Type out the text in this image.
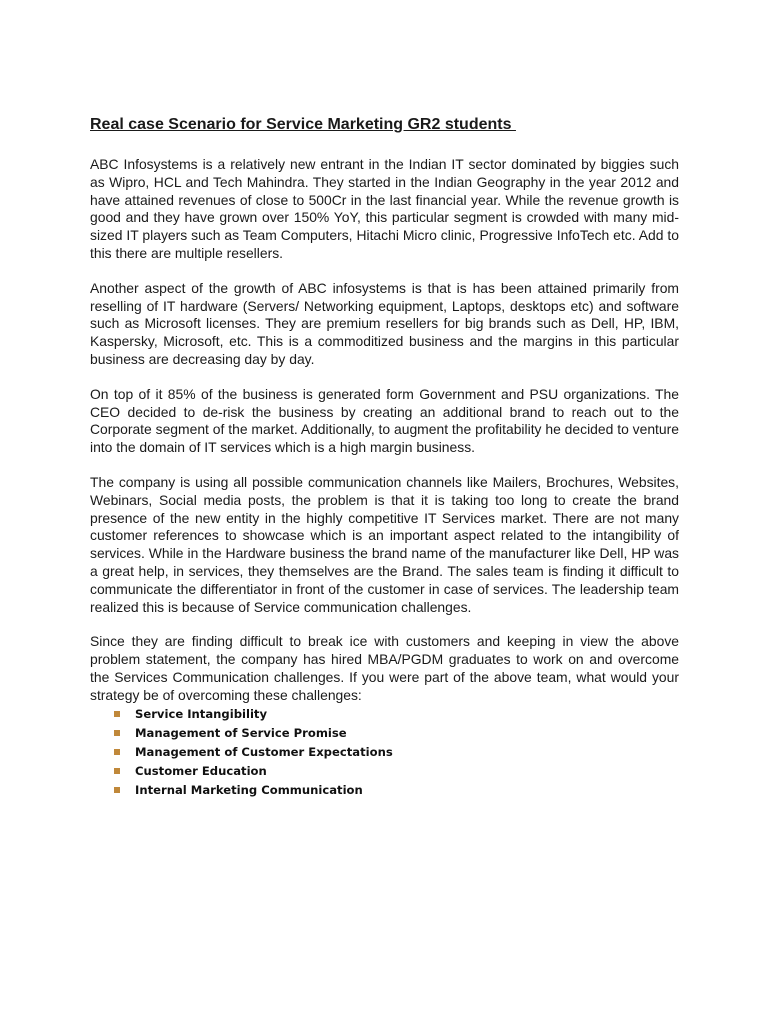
Real case Scenario for Service Marketing GR2 students

ABC Infosystems is a relatively new entrant in the Indian IT sector dominated by biggies such as Wipro, HCL and Tech Mahindra. They started in the Indian Geography in the year 2012 and have attained revenues of close to 500Cr in the last financial year. While the revenue growth is good and they have grown over 150% YoY, this particular segment is crowded with many mid-sized IT players such as Team Computers, Hitachi Micro clinic, Progressive InfoTech etc. Add to this there are multiple resellers.

Another aspect of the growth of ABC infosystems is that is has been attained primarily from reselling of IT hardware (Servers/ Networking equipment, Laptops, desktops etc) and software such as Microsoft licenses. They are premium resellers for big brands such as Dell, HP, IBM, Kaspersky, Microsoft, etc. This is a commoditized business and the margins in this particular business are decreasing day by day.

On top of it 85% of the business is generated form Government and PSU organizations. The CEO decided to de-risk the business by creating an additional brand to reach out to the Corporate segment of the market. Additionally, to augment the profitability he decided to venture into the domain of IT services which is a high margin business.

The company is using all possible communication channels like Mailers, Brochures, Websites, Webinars, Social media posts, the problem is that it is taking too long to create the brand presence of the new entity in the highly competitive IT Services market. There are not many customer references to showcase which is an important aspect related to the intangibility of services. While in the Hardware business the brand name of the manufacturer like Dell, HP was a great help, in services, they themselves are the Brand. The sales team is finding it difficult to communicate the differentiator in front of the customer in case of services. The leadership team realized this is because of Service communication challenges.

Since they are finding difficult to break ice with customers and keeping in view the above problem statement, the company has hired MBA/PGDM graduates to work on and overcome the Services Communication challenges. If you were part of the above team, what would your strategy be of overcoming these challenges:

Service Intangibility
Management of Service Promise
Management of Customer Expectations
Customer Education
Internal Marketing Communication
